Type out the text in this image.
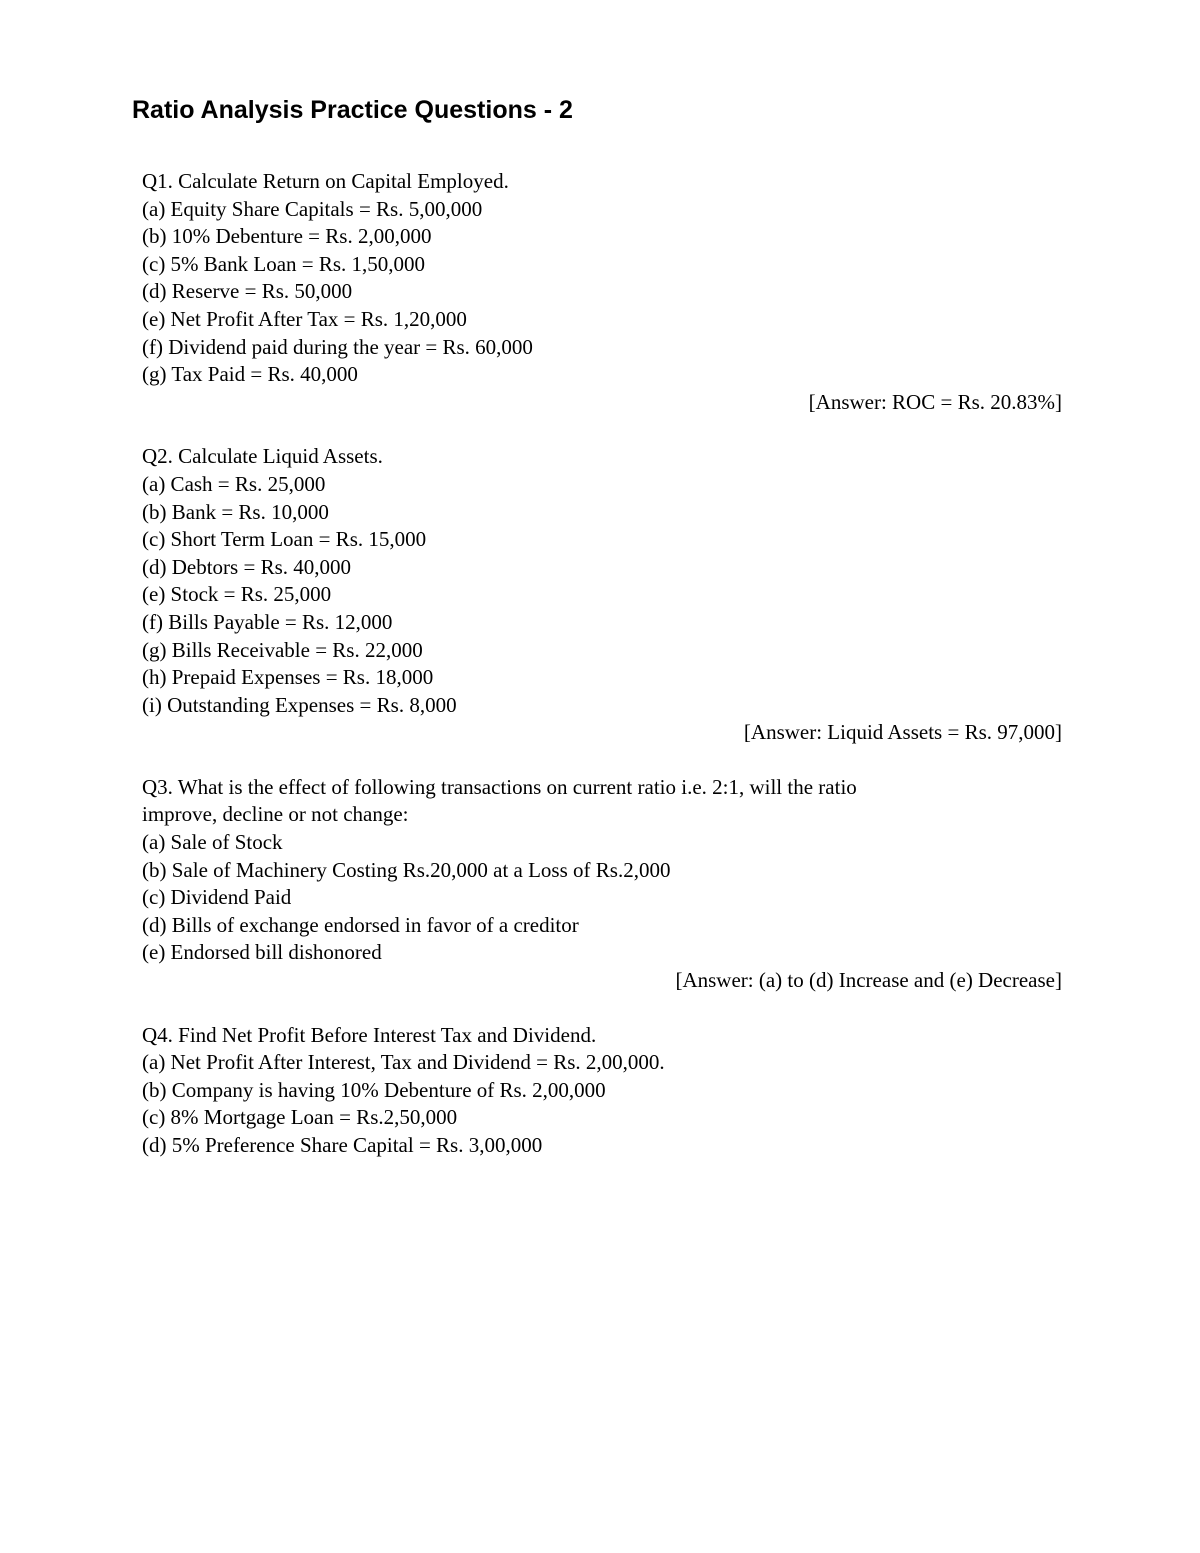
Ratio Analysis Practice Questions - 2
Q1. Calculate Return on Capital Employed.
(a) Equity Share Capitals = Rs. 5,00,000
(b) 10% Debenture = Rs. 2,00,000
(c) 5% Bank Loan = Rs. 1,50,000
(d) Reserve = Rs. 50,000
(e) Net Profit After Tax = Rs. 1,20,000
(f) Dividend paid during the year = Rs. 60,000
(g) Tax Paid = Rs. 40,000
[Answer: ROC = Rs. 20.83%]
Q2. Calculate Liquid Assets.
(a) Cash = Rs. 25,000
(b) Bank = Rs. 10,000
(c) Short Term Loan = Rs. 15,000
(d) Debtors = Rs. 40,000
(e) Stock = Rs. 25,000
(f) Bills Payable = Rs. 12,000
(g) Bills Receivable = Rs. 22,000
(h) Prepaid Expenses = Rs. 18,000
(i) Outstanding Expenses = Rs. 8,000
[Answer: Liquid Assets = Rs. 97,000]
Q3. What is the effect of following transactions on current ratio i.e. 2:1, will the ratio
improve, decline or not change:
(a) Sale of Stock
(b) Sale of Machinery Costing Rs.20,000 at a Loss of Rs.2,000
(c) Dividend Paid
(d) Bills of exchange endorsed in favor of a creditor
(e) Endorsed bill dishonored
[Answer: (a) to (d) Increase and (e) Decrease]
Q4. Find Net Profit Before Interest Tax and Dividend.
(a) Net Profit After Interest, Tax and Dividend = Rs. 2,00,000.
(b) Company is having 10% Debenture of Rs. 2,00,000
(c) 8% Mortgage Loan = Rs.2,50,000
(d) 5% Preference Share Capital = Rs. 3,00,000
